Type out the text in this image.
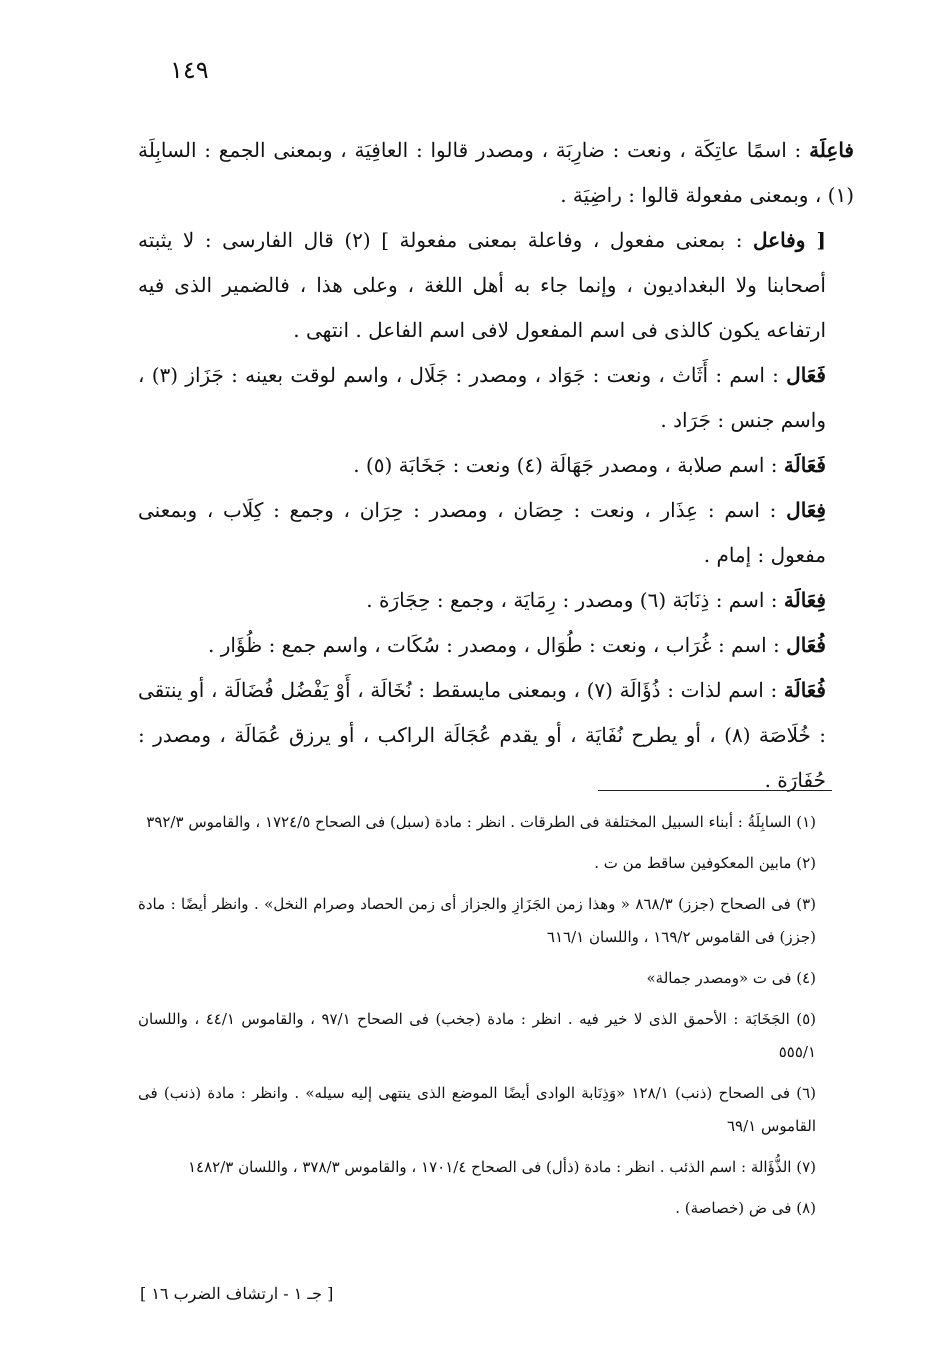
١٤٩

فاعِلَة : اسمًا عاتِكَة ، ونعت : ضارِبَة ، ومصدر قالوا : العافِيَة ، وبمعنى الجمع : السابِلَة (١) ، وبمعنى مفعولة قالوا : راضِيَة .

[ وفاعل : بمعنى مفعول ، وفاعلة بمعنى مفعولة ] (٢) قال الفارسى : لا يثبته أصحابنا ولا البغداديون ، وإنما جاء به أهل اللغة ، وعلى هذا ، فالضمير الذى فيه ارتفاعه يكون كالذى فى اسم المفعول لافى اسم الفاعل . انتهى .

فَعَال : اسم : أَثَاث ، ونعت : جَوَاد ، ومصدر : جَلَال ، واسم لوقت بعينه : جَزَاز (٣) ، واسم جنس : جَرَاد .

فَعَالَة : اسم صلابة ، ومصدر جَهَالَة (٤) ونعت : جَخَابَة (٥) .

فِعَال : اسم : عِذَار ، ونعت : حِصَان ، ومصدر : حِرَان ، وجمع : كِلَاب ، وبمعنى مفعول : إمام .

فِعَالَة : اسم : ذِنَابَة (٦) ومصدر : رِمَايَة ، وجمع : حِجَارَة .

فُعَال : اسم : غُرَاب ، ونعت : طُوَال ، ومصدر : سُكَات ، واسم جمع : ظُؤَار .

فُعَالَة : اسم لذات : ذُؤَالَة (٧) ، وبمعنى مايسقط : نُخَالَة ، أَوْ يَفْضُل فُضَالَة ، أو ينتقى : خُلَاصَة (٨) ، أو يطرح نُفَايَة ، أو يقدم عُجَالَة الراكب ، أو يرزق عُمَالَة ، ومصدر : حُفَارَة .

(١) السابِلَةُ : أبناء السبيل المختلفة فى الطرقات . انظر : مادة (سبل) فى الصحاح ١٧٢٤/٥ ، والقاموس ٣٩٢/٣

(٢) مابين المعكوفين ساقط من ت .

(٣) فى الصحاح (جزز) ٨٦٨/٣ « وهذا زمن الجَزَازِ والجزاز أى زمن الحصاد وصرام النخل» . وانظر أيضًا : مادة (جزز) فى القاموس ١٦٩/٢ ، واللسان ٦١٦/١

(٤) فى ت «ومصدر جمالة»

(٥) الجَخَابَة : الأحمق الذى لا خير فيه . انظر : مادة (جخب) فى الصحاح ٩٧/١ ، والقاموس ٤٤/١ ، واللسان ٥٥٥/١

(٦) فى الصحاح (ذنب) ١٢٨/١ «وَذِنَابة الوادى أيضًا الموضع الذى ينتهى إليه سيله» . وانظر : مادة (ذنب) فى القاموس ٦٩/١

(٧) الذُّؤَالة : اسم الذئب . انظر : مادة (ذأل) فى الصحاح ١٧٠١/٤ ، والقاموس ٣٧٨/٣ ، واللسان ١٤٨٢/٣

(٨) فى ض (خصاصة) .

[ جـ ١ - ارتشاف الضرب ١٦ ]
